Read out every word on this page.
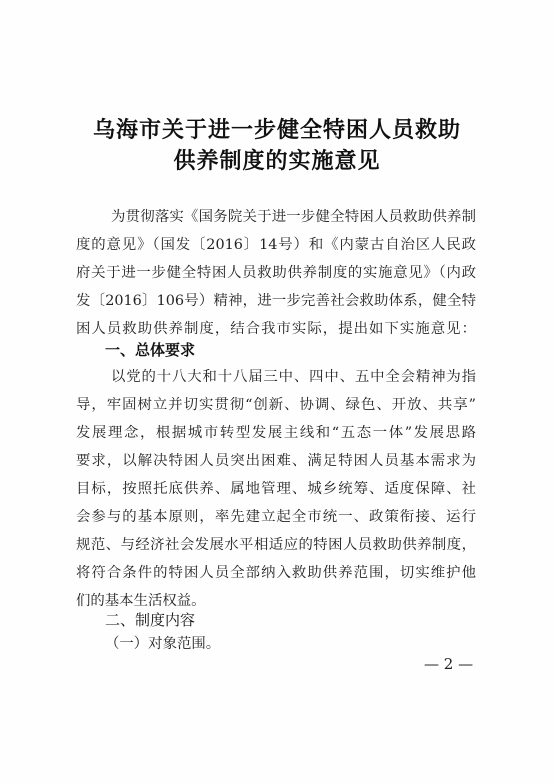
乌海市关于进一步健全特困人员救助
供养制度的实施意见
为贯彻落实《国务院关于进一步健全特困人员救助供养制
度的意见》（国发〔2016〕14号）和《内蒙古自治区人民政
府关于进一步健全特困人员救助供养制度的实施意见》（内政
发〔2016〕106号）精神，进一步完善社会救助体系，健全特
困人员救助供养制度，结合我市实际，提出如下实施意见：
一、总体要求
以党的十八大和十八届三中、四中、五中全会精神为指
导，牢固树立并切实贯彻“创新、协调、绿色、开放、共享”
发展理念，根据城市转型发展主线和“五态一体”发展思路
要求，以解决特困人员突出困难、满足特困人员基本需求为
目标，按照托底供养、属地管理、城乡统筹、适度保障、社
会参与的基本原则，率先建立起全市统一、政策衔接、运行
规范、与经济社会发展水平相适应的特困人员救助供养制度，
将符合条件的特困人员全部纳入救助供养范围，切实维护他
们的基本生活权益。
二、制度内容
（一）对象范围。
— 2 —
